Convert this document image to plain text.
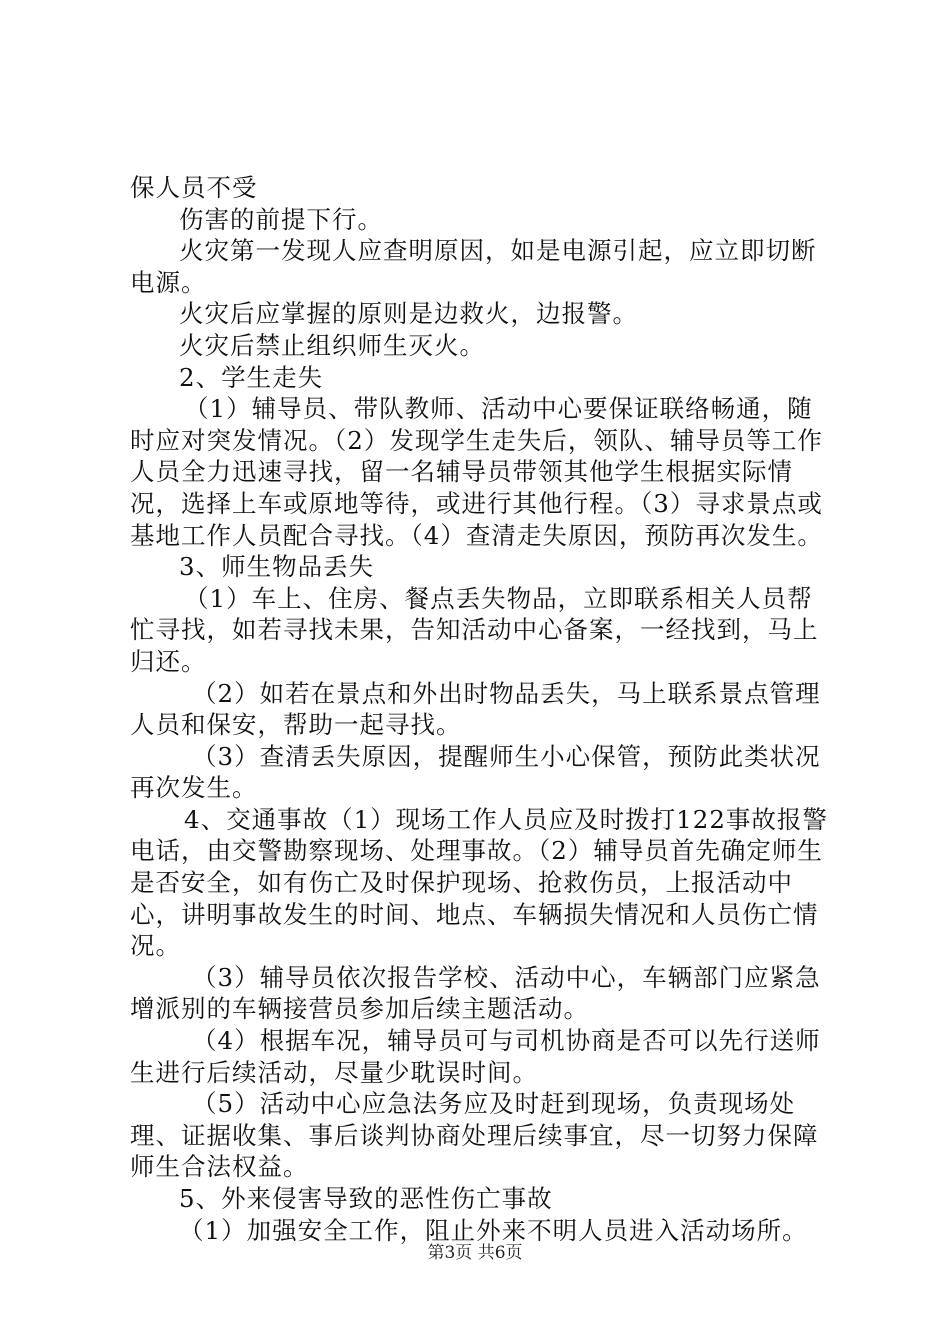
保人员不受

伤害的前提下行。

火灾第一发现人应查明原因，如是电源引起，应立即切断电源。

火灾后应掌握的原则是边救火，边报警。

火灾后禁止组织师生灭火。

2、学生走失

（1）辅导员、带队教师、活动中心要保证联络畅通，随时应对突发情况。（2）发现学生走失后，领队、辅导员等工作人员全力迅速寻找，留一名辅导员带领其他学生根据实际情况，选择上车或原地等待，或进行其他行程。（3）寻求景点或基地工作人员配合寻找。（4）查清走失原因，预防再次发生。

3、师生物品丢失

（1）车上、住房、餐点丢失物品，立即联系相关人员帮忙寻找，如若寻找未果，告知活动中心备案，一经找到，马上归还。

（2）如若在景点和外出时物品丢失，马上联系景点管理人员和保安，帮助一起寻找。

（3）查清丢失原因，提醒师生小心保管，预防此类状况再次发生。

4、交通事故（1）现场工作人员应及时拨打122事故报警电话，由交警勘察现场、处理事故。（2）辅导员首先确定师生是否安全，如有伤亡及时保护现场、抢救伤员，上报活动中心，讲明事故发生的时间、地点、车辆损失情况和人员伤亡情况。

（3）辅导员依次报告学校、活动中心，车辆部门应紧急增派别的车辆接营员参加后续主题活动。

（4）根据车况，辅导员可与司机协商是否可以先行送师生进行后续活动，尽量少耽误时间。

（5）活动中心应急法务应及时赶到现场，负责现场处理、证据收集、事后谈判协商处理后续事宜，尽一切努力保障师生合法权益。

5、外来侵害导致的恶性伤亡事故

（1）加强安全工作，阻止外来不明人员进入活动场所。

第3页 共6页
